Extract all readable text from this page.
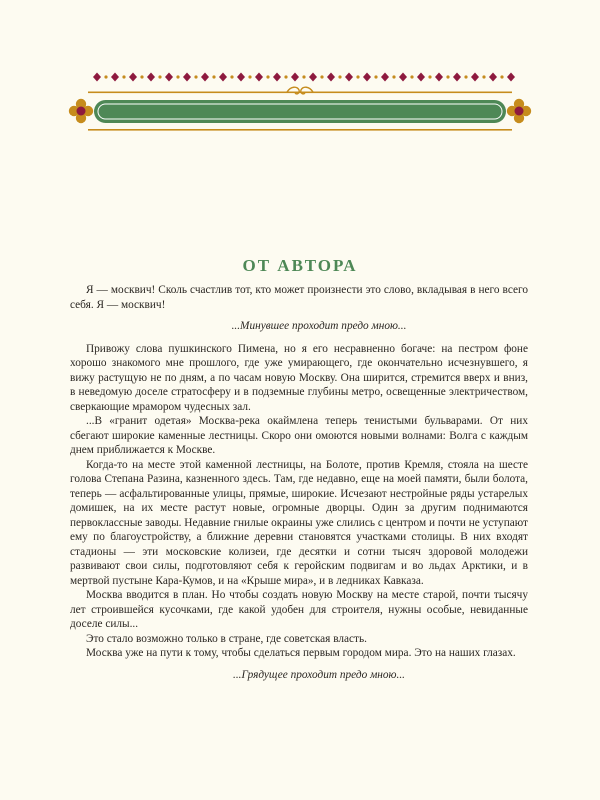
ОТ АВТОРА

Я — москвич! Сколь счастлив тот, кто может произнести это слово, вкладывая в него всего себя. Я — москвич!

...Минувшее проходит предо мною...

Привожу слова пушкинского Пимена, но я его несравненно богаче: на пестром фоне хорошо знакомого мне прошлого, где уже умирающего, где окончательно исчезнувшего, я вижу растущую не по дням, а по часам новую Москву. Она ширится, стремится вверх и вниз, в неведомую доселе стратосферу и в подземные глубины метро, освещенные электричеством, сверкающие мрамором чудесных зал.

...В «гранит одетая» Москва-река окаймлена теперь тенистыми бульварами. От них сбегают широкие каменные лестницы. Скоро они омоются новыми волнами: Волга с каждым днем приближается к Москве.

Когда-то на месте этой каменной лестницы, на Болоте, против Кремля, стояла на шесте голова Степана Разина, казненного здесь. Там, где недавно, еще на моей памяти, были болота, теперь — асфальтированные улицы, прямые, широкие. Исчезают нестройные ряды устарелых домишек, на их месте растут новые, огромные дворцы. Один за другим поднимаются первоклассные заводы. Недавние гнилые окраины уже слились с центром и почти не уступают ему по благоустройству, а ближние деревни становятся участками столицы. В них входят стадионы — эти московские колизеи, где десятки и сотни тысяч здоровой молодежи развивают свои силы, подготовляют себя к геройским подвигам и во льдах Арктики, и в мертвой пустыне Кара-Кумов, и на «Крыше мира», и в ледниках Кавказа.

Москва вводится в план. Но чтобы создать новую Москву на месте старой, почти тысячу лет строившейся кусочками, где какой удобен для строителя, нужны особые, невиданные доселе силы...

Это стало возможно только в стране, где советская власть.

Москва уже на пути к тому, чтобы сделаться первым городом мира. Это на наших глазах.

...Грядущее проходит предо мною...
